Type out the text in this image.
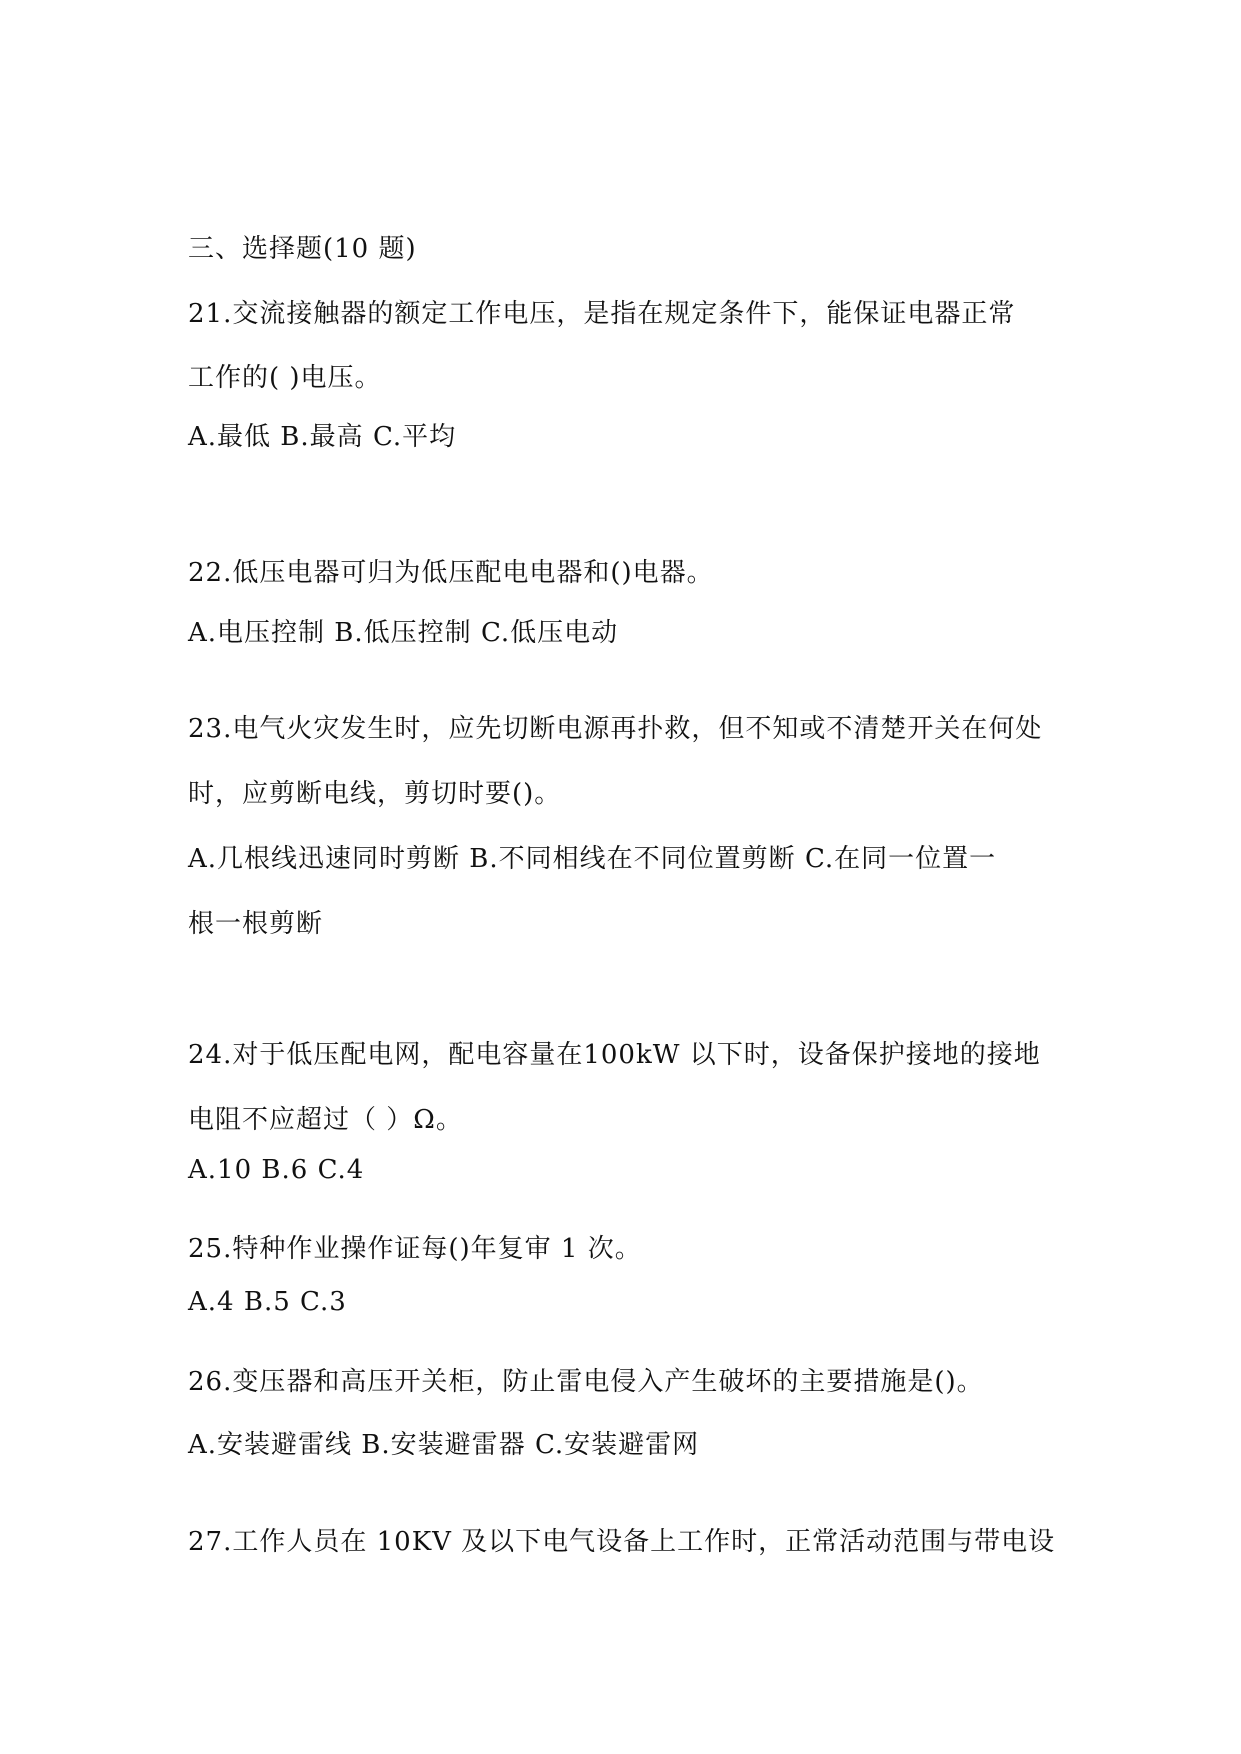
三、选择题(10 题)
21.交流接触器的额定工作电压，是指在规定条件下，能保证电器正常
工作的( )电压。
A.最低 B.最高 C.平均
22.低压电器可归为低压配电电器和()电器。
A.电压控制 B.低压控制 C.低压电动
23.电气火灾发生时，应先切断电源再扑救，但不知或不清楚开关在何处
时，应剪断电线，剪切时要()。
A.几根线迅速同时剪断 B.不同相线在不同位置剪断 C.在同一位置一
根一根剪断
24.对于低压配电网，配电容量在100kW 以下时，设备保护接地的接地
电阻不应超过（ ）Ω。
A.10 B.6 C.4
25.特种作业操作证每()年复审 1 次。
A.4 B.5 C.3
26.变压器和高压开关柜，防止雷电侵入产生破坏的主要措施是()。
A.安装避雷线 B.安装避雷器 C.安装避雷网
27.工作人员在 10KV 及以下电气设备上工作时，正常活动范围与带电设
